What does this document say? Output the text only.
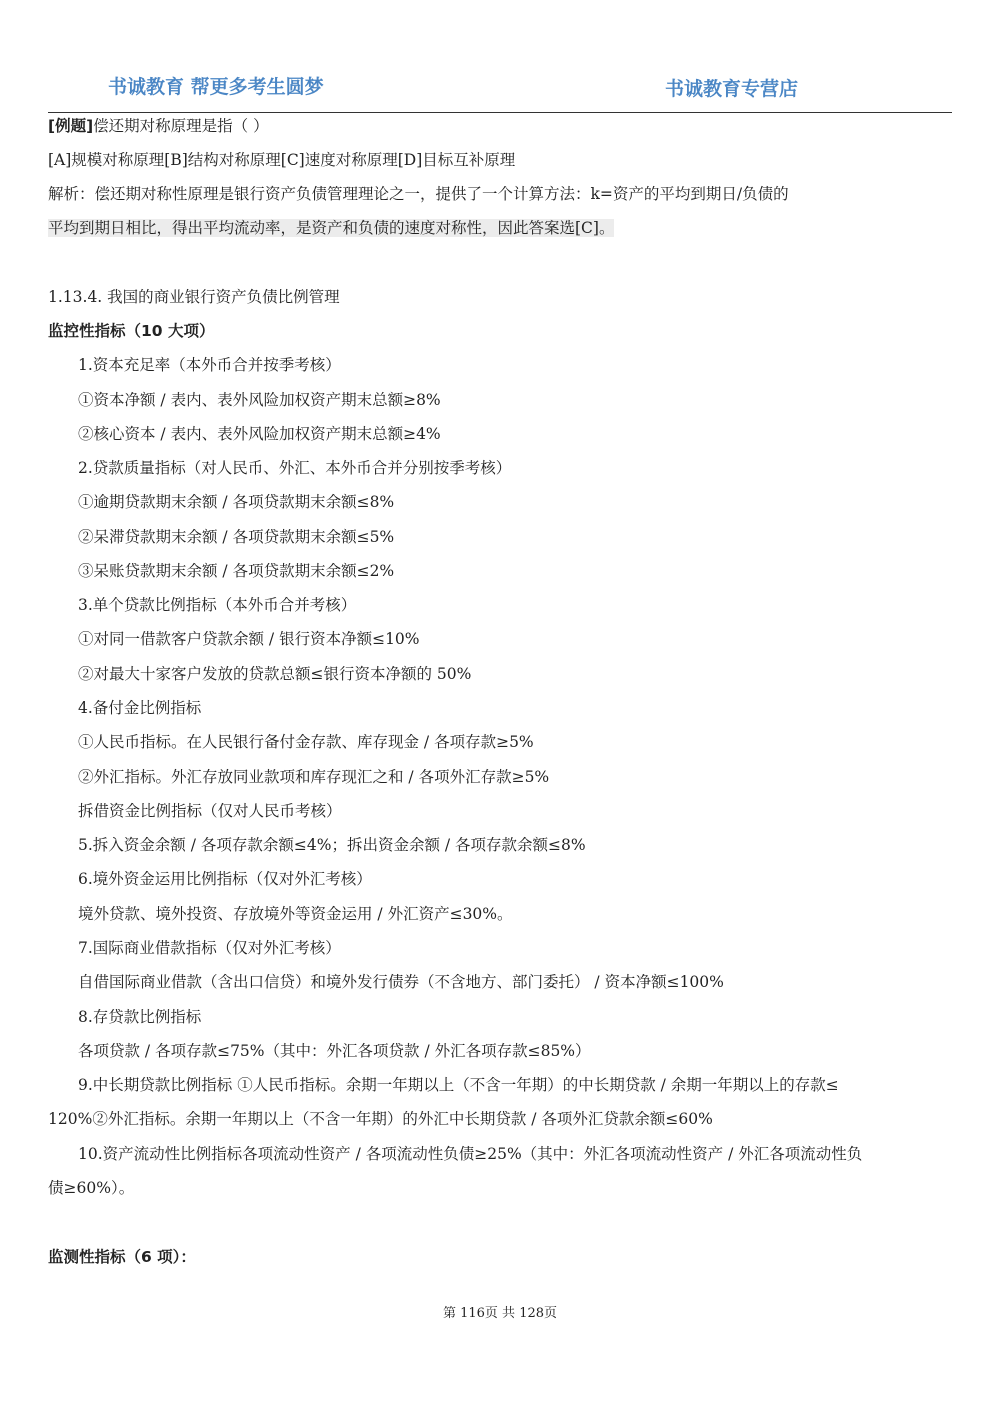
书诚教育 帮更多考生圆梦	书诚教育专营店
[例题]偿还期对称原理是指（ ）
[A]规模对称原理[B]结构对称原理[C]速度对称原理[D]目标互补原理
解析：偿还期对称性原理是银行资产负债管理理论之一，提供了一个计算方法：k=资产的平均到期日/负债的
平均到期日相比，得出平均流动率，是资产和负债的速度对称性，因此答案选[C]。
1.13.4. 我国的商业银行资产负债比例管理
监控性指标（10 大项）
1.资本充足率（本外币合并按季考核）
①资本净额 / 表内、表外风险加权资产期末总额≥8%
②核心资本 / 表内、表外风险加权资产期末总额≥4%
2.贷款质量指标（对人民币、外汇、本外币合并分别按季考核）
①逾期贷款期末余额 / 各项贷款期末余额≤8%
②呆滞贷款期末余额 / 各项贷款期末余额≤5%
③呆账贷款期末余额 / 各项贷款期末余额≤2%
3.单个贷款比例指标（本外币合并考核）
①对同一借款客户贷款余额 / 银行资本净额≤10%
②对最大十家客户发放的贷款总额≤银行资本净额的 50%
4.备付金比例指标
①人民币指标。在人民银行备付金存款、库存现金 / 各项存款≥5%
②外汇指标。外汇存放同业款项和库存现汇之和 / 各项外汇存款≥5%
拆借资金比例指标（仅对人民币考核）
5.拆入资金余额 / 各项存款余额≤4%；拆出资金余额 / 各项存款余额≤8%
6.境外资金运用比例指标（仅对外汇考核）
境外贷款、境外投资、存放境外等资金运用 / 外汇资产≤30%。
7.国际商业借款指标（仅对外汇考核）
自借国际商业借款（含出口信贷）和境外发行债券（不含地方、部门委托） / 资本净额≤100%
8.存贷款比例指标
各项贷款 / 各项存款≤75%（其中：外汇各项贷款 / 外汇各项存款≤85%）
9.中长期贷款比例指标 ①人民币指标。余期一年期以上（不含一年期）的中长期贷款 / 余期一年期以上的存款≤
120%②外汇指标。余期一年期以上（不含一年期）的外汇中长期贷款 / 各项外汇贷款余额≤60%
10.资产流动性比例指标各项流动性资产 / 各项流动性负债≥25%（其中：外汇各项流动性资产 / 外汇各项流动性负
债≥60%）。
监测性指标（6 项）：
第 116页 共 128页
